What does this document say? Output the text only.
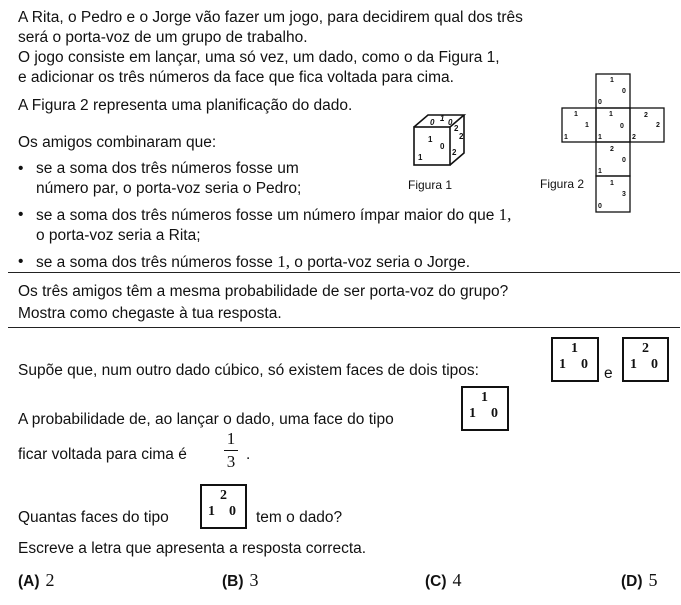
A Rita, o Pedro e o Jorge vão fazer um jogo, para decidirem qual dos três
será o porta-voz de um grupo de trabalho.
O jogo consiste em lançar, uma só vez, um dado, como o da Figura 1,
e adicionar os três números da face que fica voltada para cima.
A Figura 2 representa uma planificação do dado.
Os amigos combinaram que:
• se a soma dos três números fosse um
número par, o porta-voz seria o Pedro;
• se a soma dos três números fosse um número ímpar maior do que 1,
o porta-voz seria a Rita;
• se a soma dos três números fosse 1, o porta-voz seria o Jorge.
1
0
1
0 1 0
2
2
2
Figura 1
1
0
0
1
1
1
1
0
1
2
2
2
2
0
1
1
3
0
Figura 2
Os três amigos têm a mesma probabilidade de ser porta-voz do grupo?
Mostra como chegaste à tua resposta.
Supõe que, num outro dado cúbico, só existem faces de dois tipos:
1
1 0
e
2
1 0
A probabilidade de, ao lançar o dado, uma face do tipo
1
1 0
ficar voltada para cima é
1
3 .
Quantas faces do tipo
2
1 0 tem o dado?
Escreve a letra que apresenta a resposta correcta.
(A) 2	(B) 3	(C) 4	(D) 5
